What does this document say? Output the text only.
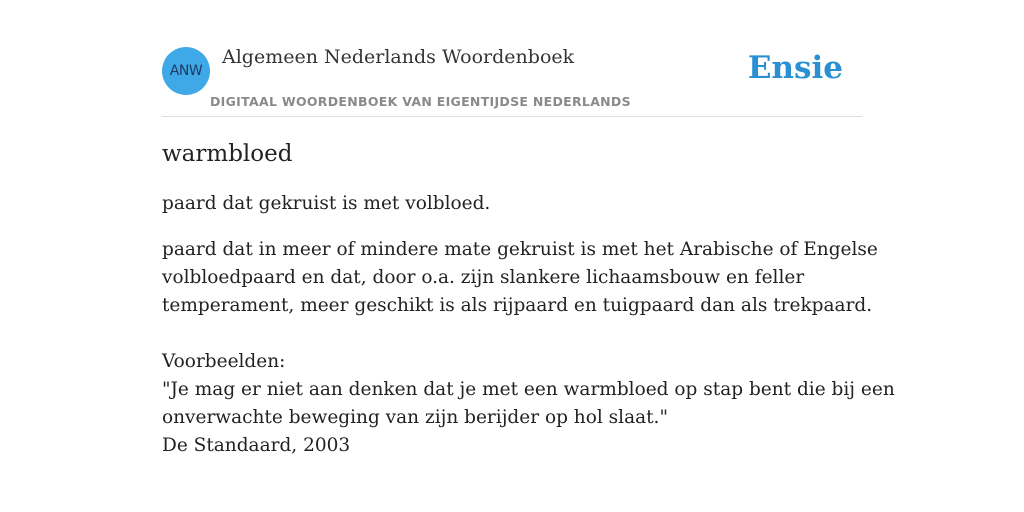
ANW
Algemeen Nederlands Woordenboek
DIGITAAL WOORDENBOEK VAN EIGENTIJDSE NEDERLANDS
Ensie
warmbloed

paard dat gekruist is met volbloed.

paard dat in meer of mindere mate gekruist is met het Arabische of Engelse
volbloedpaard en dat, door o.a. zijn slankere lichaamsbouw en feller
temperament, meer geschikt is als rijpaard en tuigpaard dan als trekpaard.
Voorbeelden:
"Je mag er niet aan denken dat je met een warmbloed op stap bent die bij een
onverwachte beweging van zijn berijder op hol slaat."
De Standaard, 2003
